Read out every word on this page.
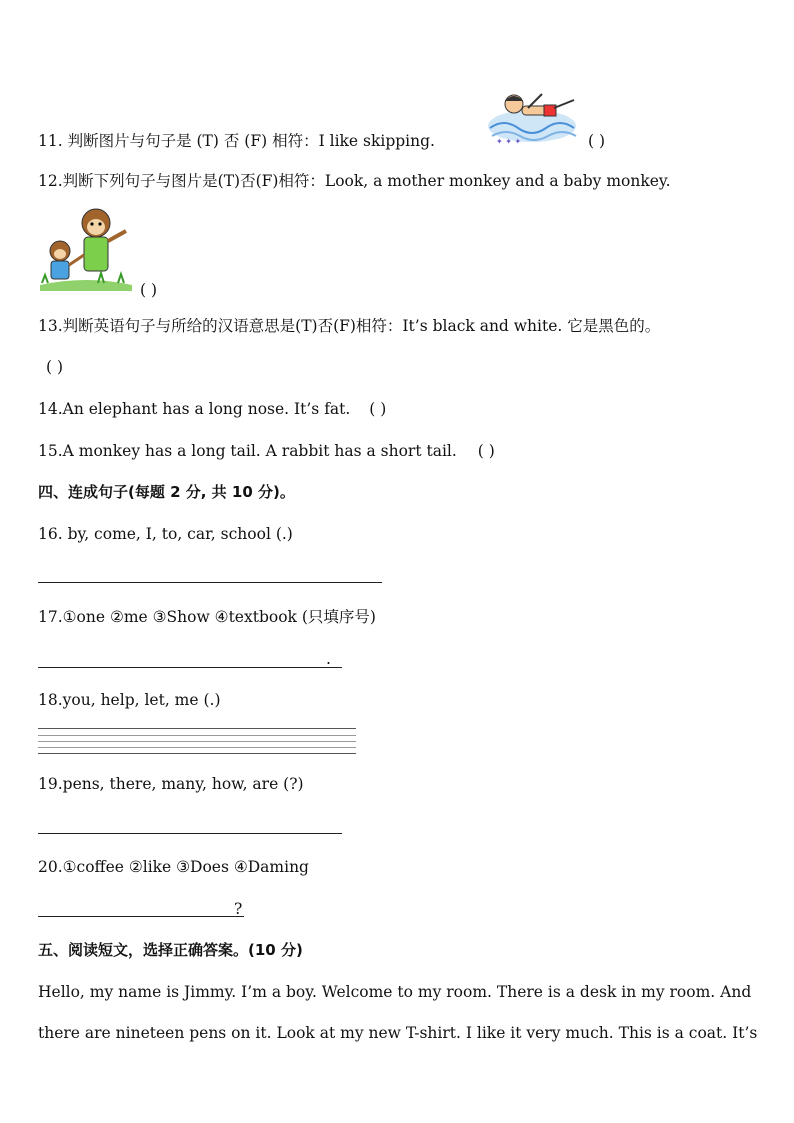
11. 判断图片与句子是 (T) 否 (F) 相符：I like skipping.	✦ ✦ ✦	( )
12.判断下列句子与图片是(T)否(F)相符：Look, a mother monkey and a baby monkey.
( )
13.判断英语句子与所给的汉语意思是(T)否(F)相符：It’s black and white. 它是黑色的。
( )
14.An elephant has a long nose. It’s fat. ( )
15.A monkey has a long tail. A rabbit has a short tail. ( )
四、连成句子(每题 2 分, 共 10 分)。
16. by, come, I, to, car, school (.)
17.①one ②me ③Show ④textbook (只填序号)
.
18.you, help, let, me (.)
19.pens, there, many, how, are (?)
20.①coffee ②like ③Does ④Daming
?
五、阅读短文，选择正确答案。(10 分)
Hello, my name is Jimmy. I’m a boy. Welcome to my room. There is a desk in my room. And
there are nineteen pens on it. Look at my new T-shirt. I like it very much. This is a coat. It’s
